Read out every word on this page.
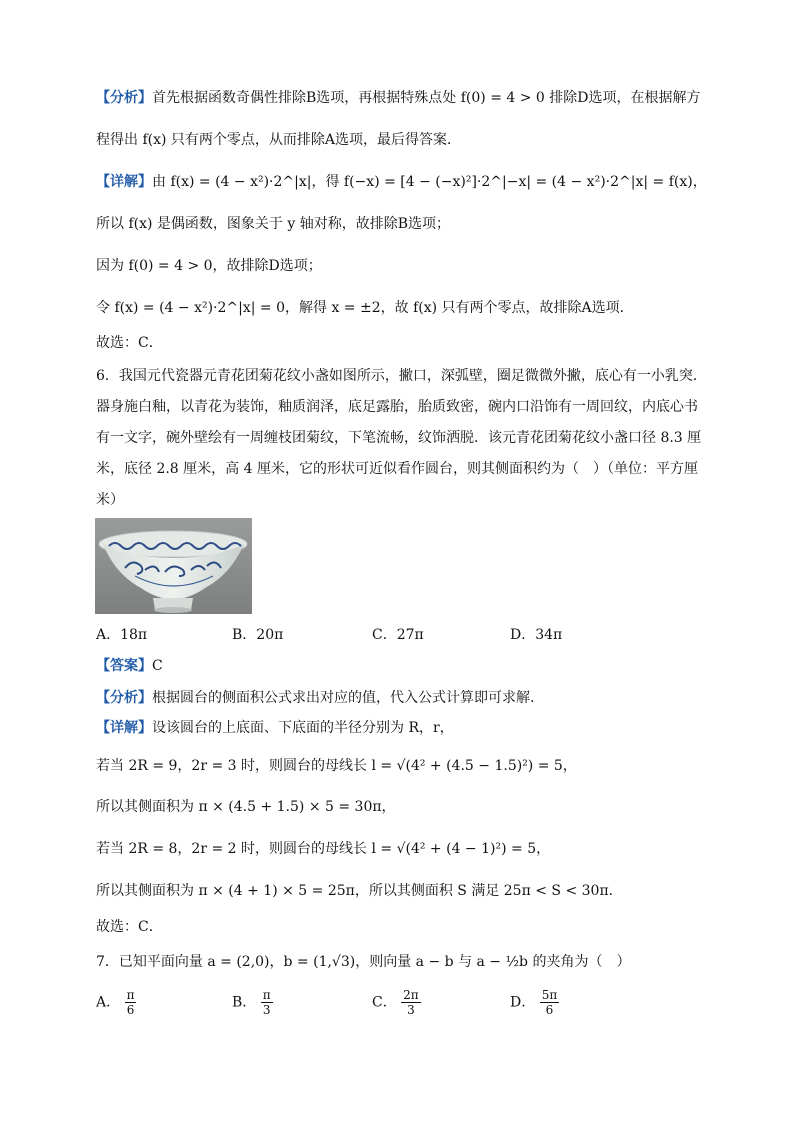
【分析】首先根据函数奇偶性排除B选项，再根据特殊点处 f(0) = 4 > 0 排除D选项，在根据解方
程得出 f(x) 只有两个零点，从而排除A选项，最后得答案．
【详解】由 f(x) = (4 − x²)·2^|x|，得 f(−x) = [4 − (−x)²]·2^|−x| = (4 − x²)·2^|x| = f(x)，
所以 f(x) 是偶函数，图象关于 y 轴对称，故排除B选项；
因为 f(0) = 4 > 0，故排除D选项；
令 f(x) = (4 − x²)·2^|x| = 0，解得 x = ±2，故 f(x) 只有两个零点，故排除A选项．
故选：C．
6．我国元代瓷器元青花团菊花纹小盏如图所示，撇口，深弧壁，圈足微微外撇，底心有一小乳突．
器身施白釉，以青花为装饰，釉质润泽，底足露胎，胎质致密，碗内口沿饰有一周回纹，内底心书
有一文字，碗外壁绘有一周缠枝团菊纹，下笔流畅，纹饰洒脱．该元青花团菊花纹小盏口径 8.3 厘
米，底径 2.8 厘米，高 4 厘米，它的形状可近似看作圆台，则其侧面积约为（　）（单位：平方厘
米）
A．18π	B．20π	C．27π	D．34π
【答案】C
【分析】根据圆台的侧面积公式求出对应的值，代入公式计算即可求解.
【详解】设该圆台的上底面、下底面的半径分别为 R，r，
若当 2R = 9，2r = 3 时，则圆台的母线长 l = √(4² + (4.5 − 1.5)²) = 5，
所以其侧面积为 π × (4.5 + 1.5) × 5 = 30π，
若当 2R = 8，2r = 2 时，则圆台的母线长 l = √(4² + (4 − 1)²) = 5，
所以其侧面积为 π × (4 + 1) × 5 = 25π，所以其侧面积 S 满足 25π < S < 30π．
故选：C．
7．已知平面向量 a = (2,0)，b = (1,√3)，则向量 a − b 与 a − ½b 的夹角为（　）
A． $\frac{\pi}{6}$	B． $\frac{\pi}{3}$	C． $\frac{2\pi}{3}$	D． $\frac{5\pi}{6}$
